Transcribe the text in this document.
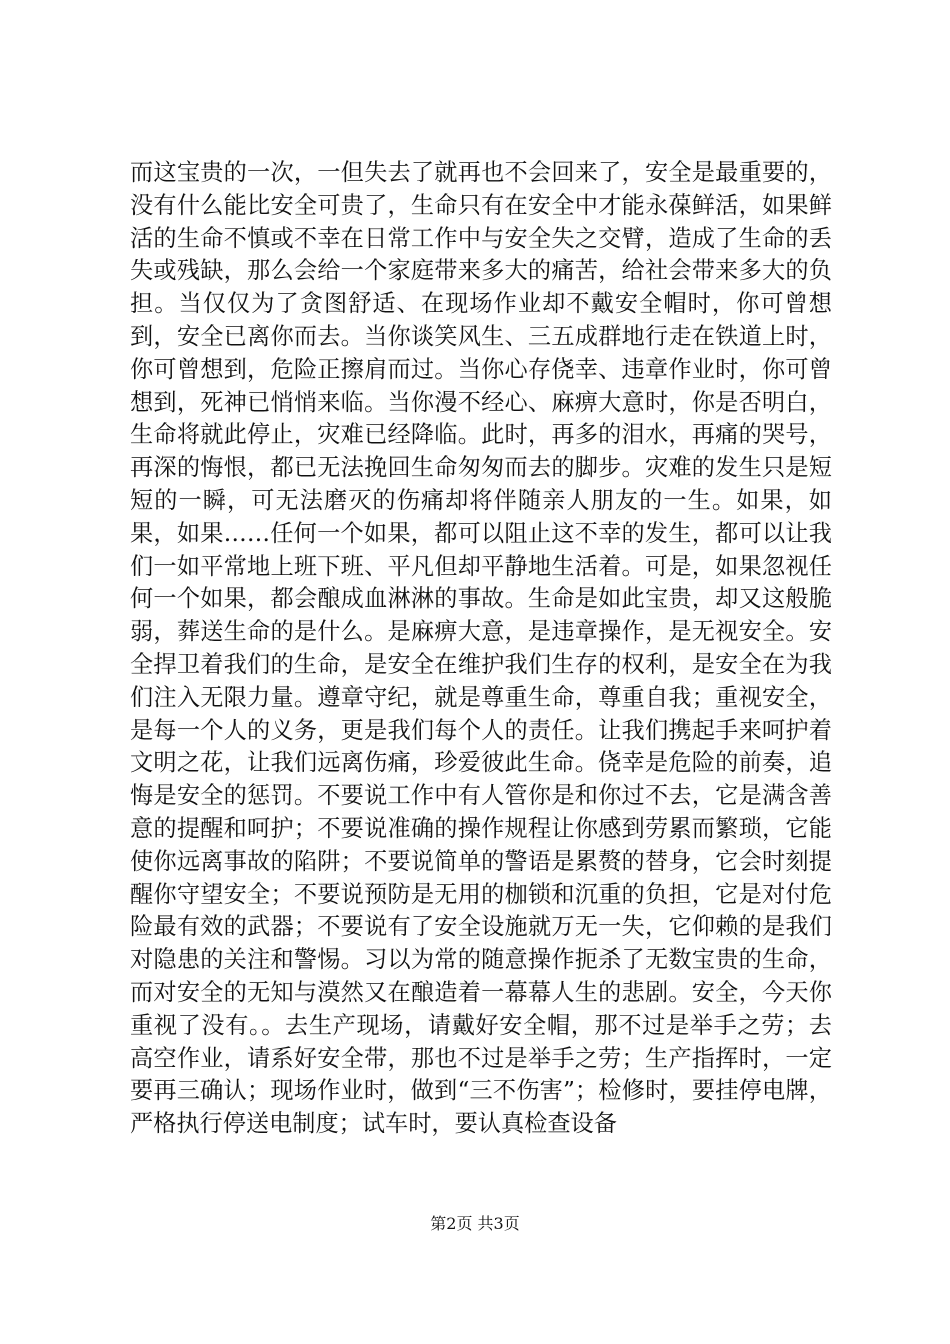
而这宝贵的一次，一但失去了就再也不会回来了，安全是最重要的，没有什么能比安全可贵了，生命只有在安全中才能永葆鲜活，如果鲜活的生命不慎或不幸在日常工作中与安全失之交臂，造成了生命的丢失或残缺，那么会给一个家庭带来多大的痛苦，给社会带来多大的负担。当仅仅为了贪图舒适、在现场作业却不戴安全帽时，你可曾想到，安全已离你而去。当你谈笑风生、三五成群地行走在铁道上时，你可曾想到，危险正擦肩而过。当你心存侥幸、违章作业时，你可曾想到，死神已悄悄来临。当你漫不经心、麻痹大意时，你是否明白，生命将就此停止，灾难已经降临。此时，再多的泪水，再痛的哭号，再深的悔恨，都已无法挽回生命匆匆而去的脚步。灾难的发生只是短短的一瞬，可无法磨灭的伤痛却将伴随亲人朋友的一生。如果，如果，如果……任何一个如果，都可以阻止这不幸的发生，都可以让我们一如平常地上班下班、平凡但却平静地生活着。可是，如果忽视任何一个如果，都会酿成血淋淋的事故。生命是如此宝贵，却又这般脆弱，葬送生命的是什么。是麻痹大意，是违章操作，是无视安全。安全捍卫着我们的生命，是安全在维护我们生存的权利，是安全在为我们注入无限力量。遵章守纪，就是尊重生命，尊重自我；重视安全，是每一个人的义务，更是我们每个人的责任。让我们携起手来呵护着文明之花，让我们远离伤痛，珍爱彼此生命。侥幸是危险的前奏，追悔是安全的惩罚。不要说工作中有人管你是和你过不去，它是满含善意的提醒和呵护；不要说准确的操作规程让你感到劳累而繁琐，它能使你远离事故的陷阱；不要说简单的警语是累赘的替身，它会时刻提醒你守望安全；不要说预防是无用的枷锁和沉重的负担，它是对付危险最有效的武器；不要说有了安全设施就万无一失，它仰赖的是我们对隐患的关注和警惕。习以为常的随意操作扼杀了无数宝贵的生命，而对安全的无知与漠然又在酿造着一幕幕人生的悲剧。安全，今天你重视了没有。。去生产现场，请戴好安全帽，那不过是举手之劳；去高空作业，请系好安全带，那也不过是举手之劳；生产指挥时，一定要再三确认；现场作业时，做到“三不伤害”；检修时，要挂停电牌，严格执行停送电制度；试车时，要认真检查设备

第2页 共3页
